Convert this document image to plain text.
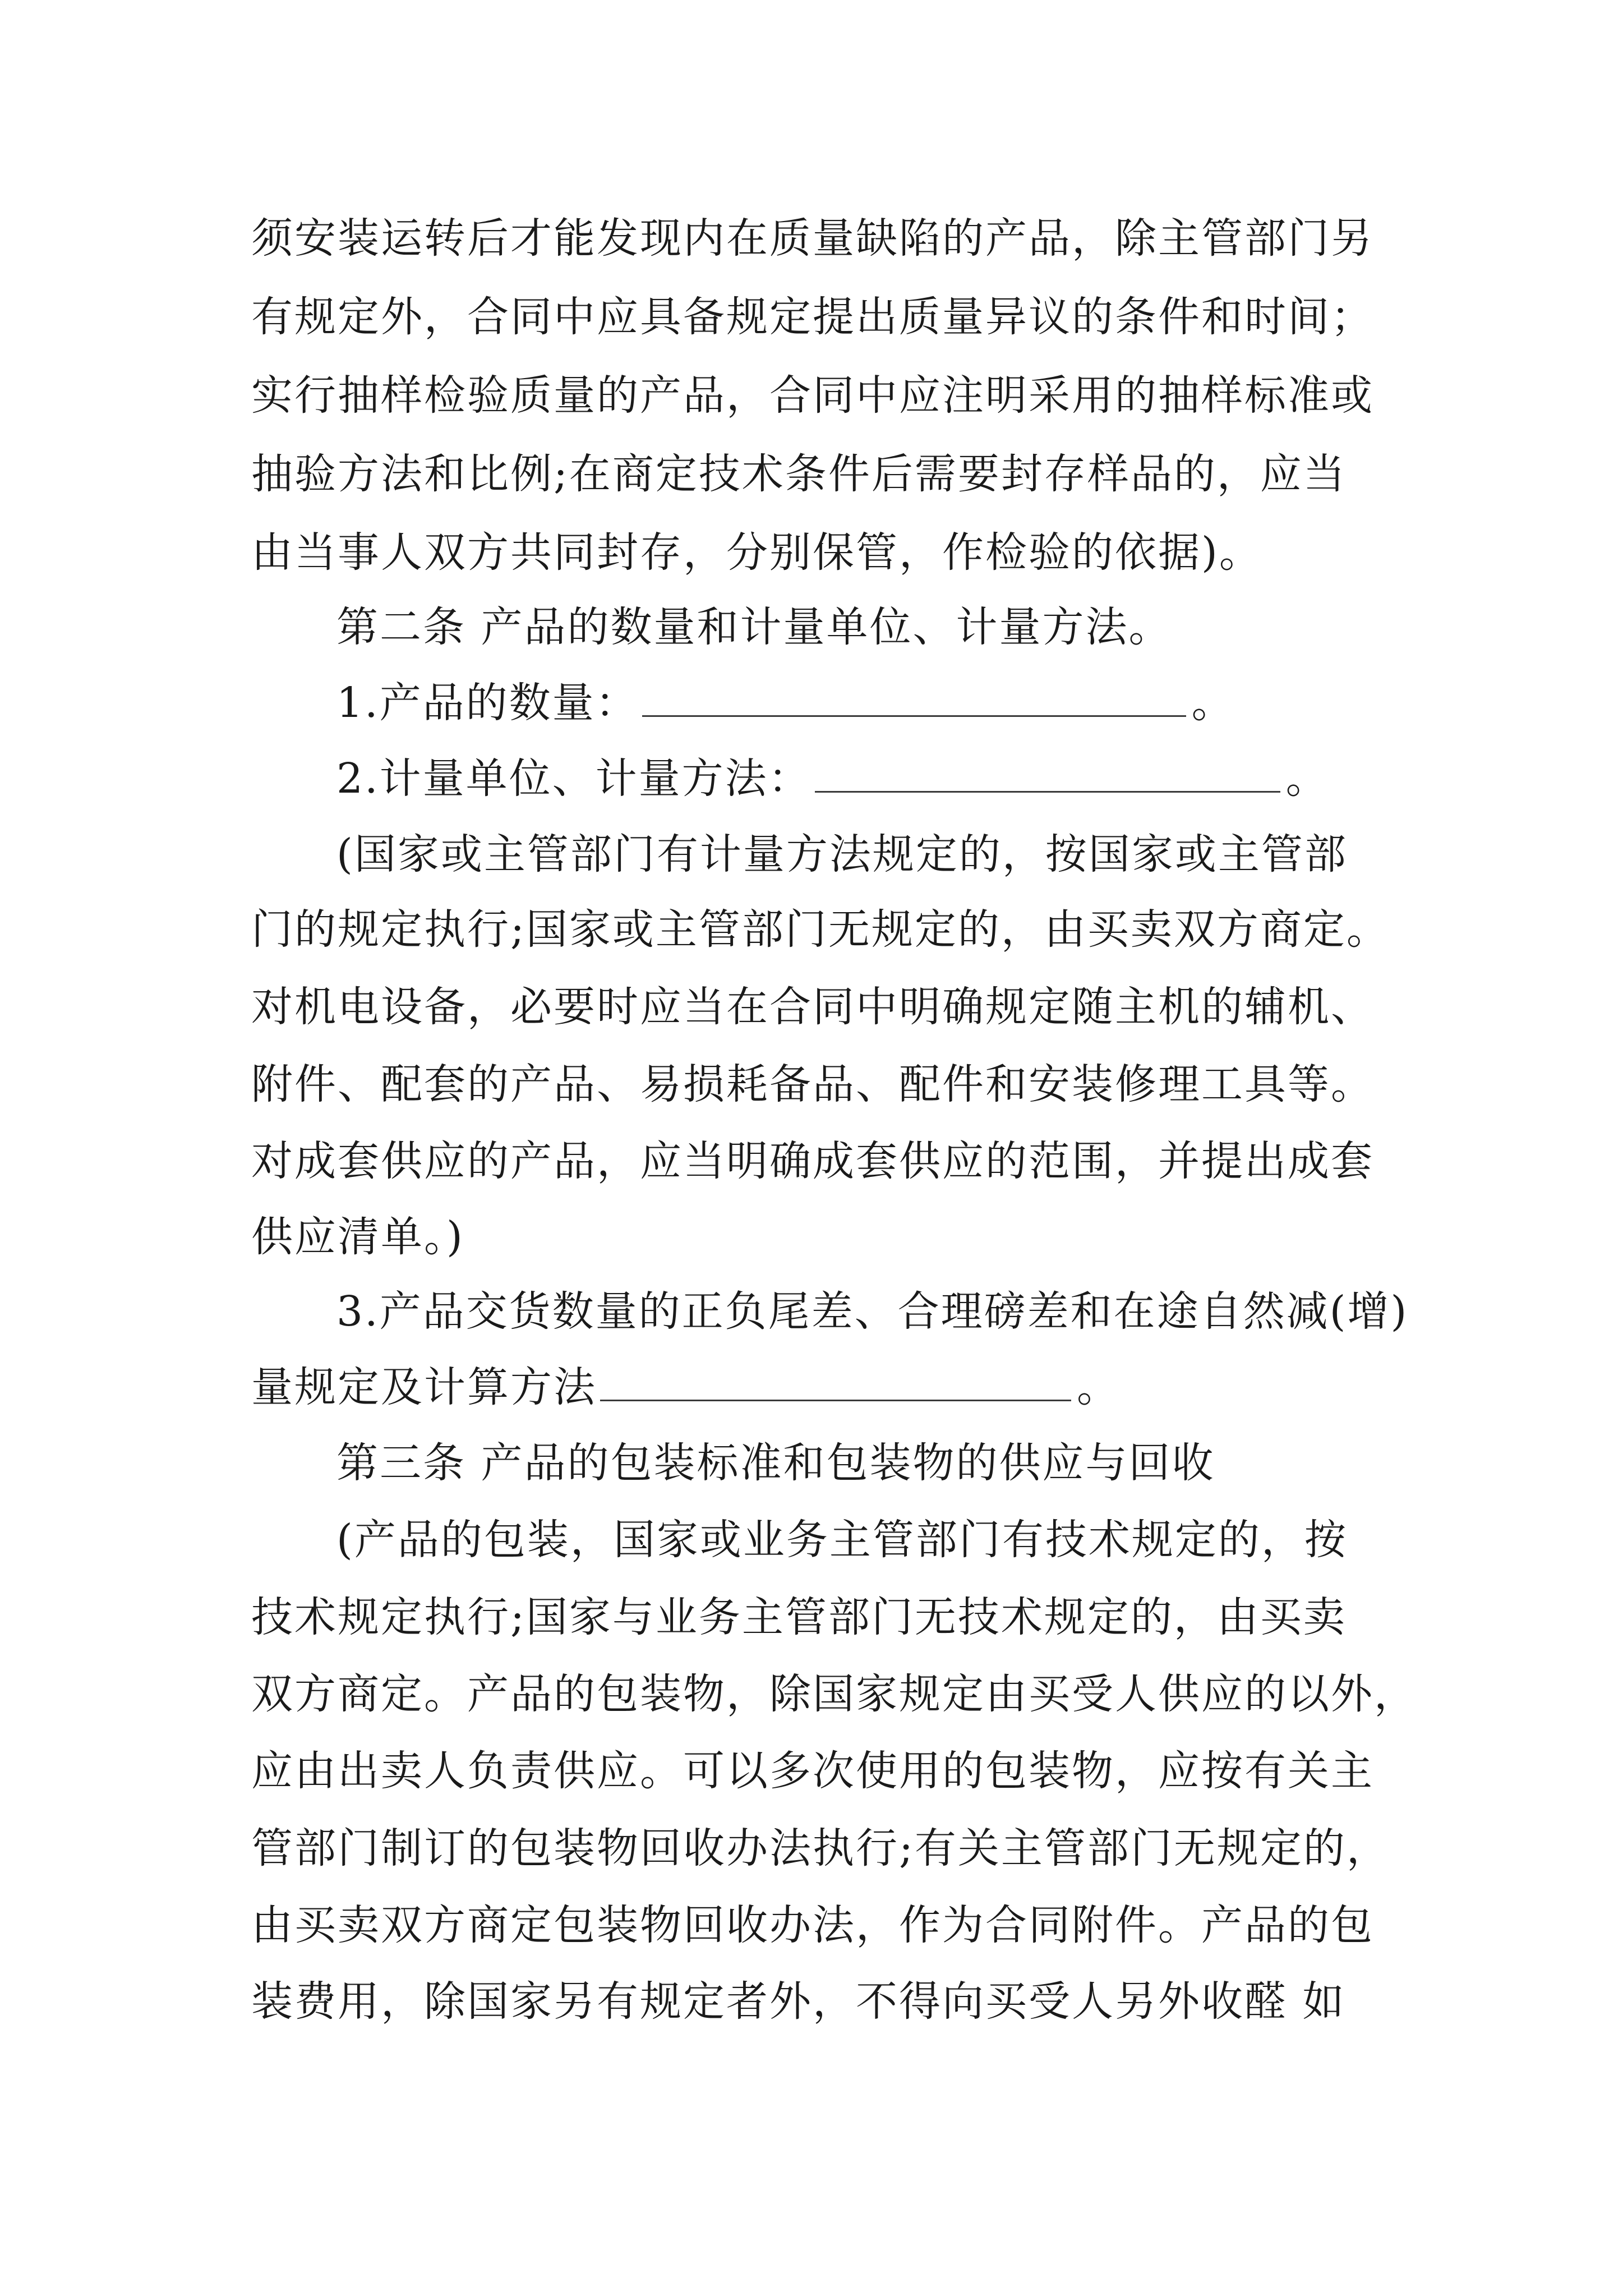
须安装运转后才能发现内在质量缺陷的产品，除主管部门另
有规定外，合同中应具备规定提出质量异议的条件和时间；
实行抽样检验质量的产品，合同中应注明采用的抽样标准或
抽验方法和比例;在商定技术条件后需要封存样品的，应当
由当事人双方共同封存，分别保管，作检验的依据)。
第二条 产品的数量和计量单位、计量方法。
1.产品的数量：	。
2.计量单位、计量方法：	。
(国家或主管部门有计量方法规定的，按国家或主管部
门的规定执行;国家或主管部门无规定的，由买卖双方商定。
对机电设备，必要时应当在合同中明确规定随主机的辅机、
附件、配套的产品、易损耗备品、配件和安装修理工具等。
对成套供应的产品，应当明确成套供应的范围，并提出成套
供应清单。)
3.产品交货数量的正负尾差、合理磅差和在途自然减(增)
量规定及计算方法	。
第三条 产品的包装标准和包装物的供应与回收
(产品的包装，国家或业务主管部门有技术规定的，按
技术规定执行;国家与业务主管部门无技术规定的，由买卖
双方商定。产品的包装物，除国家规定由买受人供应的以外，
应由出卖人负责供应。可以多次使用的包装物，应按有关主
管部门制订的包装物回收办法执行;有关主管部门无规定的，
由买卖双方商定包装物回收办法，作为合同附件。产品的包
装费用，除国家另有规定者外，不得向买受人另外收醛 如
